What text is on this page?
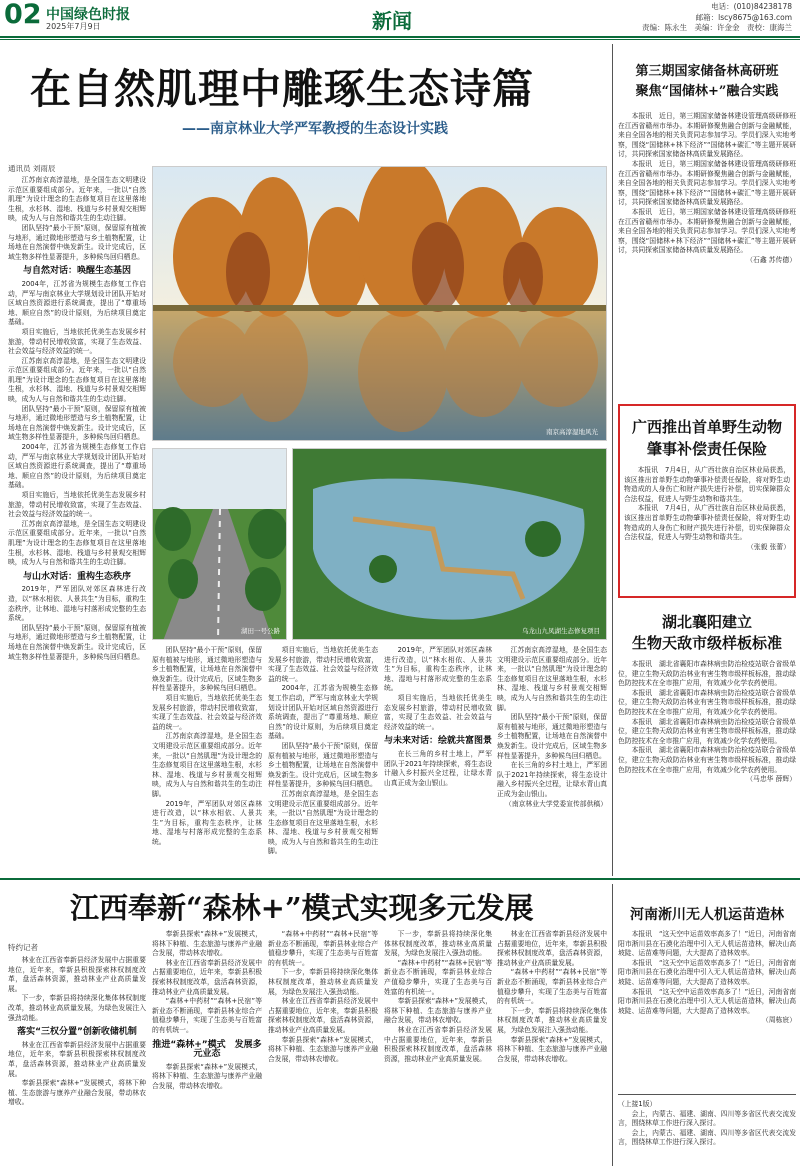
02 中国绿色时报
2025年7月9日	新闻
电话：(010)84238178
邮箱：lscy8675@163.com
责编：陈永生　美编：许金金　责校：康海兰
在自然肌理中雕琢生态诗篇
——南京林业大学严军教授的生态设计实践
通讯员 刘雨辰

江苏南京高淳湿地，是全国生态文明建设示范区重要组成部分。近年来，一批以“自然肌理”为设计理念的生态修复项目在这里落地生根，水杉林、湿地、栈道与乡村景观交相辉映，成为人与自然和谐共生的生动注脚。

团队坚持“最小干预”原则，保留原有植被与地形，通过微地形塑造与乡土植物配置，让场地在自然演替中焕发新生。设计完成后，区域生物多样性显著提升，多种候鸟回归栖息。

与自然对话：唤醒生态基因

2004年，江苏省为规模生态修复工作启动，严军与南京林业大学规划设计团队开始对区域自然资源进行系统调查，提出了“尊重场地、顺应自然”的设计原则，为后续项目奠定基础。

项目实施后，当地依托优美生态发展乡村旅游，带动村民增收致富，实现了生态效益、社会效益与经济效益的统一。

江苏南京高淳湿地，是全国生态文明建设示范区重要组成部分。近年来，一批以“自然肌理”为设计理念的生态修复项目在这里落地生根，水杉林、湿地、栈道与乡村景观交相辉映，成为人与自然和谐共生的生动注脚。

团队坚持“最小干预”原则，保留原有植被与地形，通过微地形塑造与乡土植物配置，让场地在自然演替中焕发新生。设计完成后，区域生物多样性显著提升，多种候鸟回归栖息。

2004年，江苏省为规模生态修复工作启动，严军与南京林业大学规划设计团队开始对区域自然资源进行系统调查，提出了“尊重场地、顺应自然”的设计原则，为后续项目奠定基础。

项目实施后，当地依托优美生态发展乡村旅游，带动村民增收致富，实现了生态效益、社会效益与经济效益的统一。

江苏南京高淳湿地，是全国生态文明建设示范区重要组成部分。近年来，一批以“自然肌理”为设计理念的生态修复项目在这里落地生根，水杉林、湿地、栈道与乡村景观交相辉映，成为人与自然和谐共生的生动注脚。

与山水对话：重构生态秩序

2019年，严军团队对郊区森林进行改造，以“林水相依、人景共生”为目标，重构生态秩序，让林地、湿地与村落形成完整的生态系统。

团队坚持“最小干预”原则，保留原有植被与地形，通过微地形塑造与乡土植物配置，让场地在自然演替中焕发新生。设计完成后，区域生物多样性显著提升，多种候鸟回归栖息。

南京高淳湿地风光
湖田一号公路	乌龙山九凤湖生态修复项目

团队坚持“最小干预”原则，保留原有植被与地形，通过微地形塑造与乡土植物配置，让场地在自然演替中焕发新生。设计完成后，区域生物多样性显著提升，多种候鸟回归栖息。

项目实施后，当地依托优美生态发展乡村旅游，带动村民增收致富，实现了生态效益、社会效益与经济效益的统一。

江苏南京高淳湿地，是全国生态文明建设示范区重要组成部分。近年来，一批以“自然肌理”为设计理念的生态修复项目在这里落地生根，水杉林、湿地、栈道与乡村景观交相辉映，成为人与自然和谐共生的生动注脚。

2019年，严军团队对郊区森林进行改造，以“林水相依、人景共生”为目标，重构生态秩序，让林地、湿地与村落形成完整的生态系统。

项目实施后，当地依托优美生态发展乡村旅游，带动村民增收致富，实现了生态效益、社会效益与经济效益的统一。

2004年，江苏省为规模生态修复工作启动，严军与南京林业大学规划设计团队开始对区域自然资源进行系统调查，提出了“尊重场地、顺应自然”的设计原则，为后续项目奠定基础。

团队坚持“最小干预”原则，保留原有植被与地形，通过微地形塑造与乡土植物配置，让场地在自然演替中焕发新生。设计完成后，区域生物多样性显著提升，多种候鸟回归栖息。

江苏南京高淳湿地，是全国生态文明建设示范区重要组成部分。近年来，一批以“自然肌理”为设计理念的生态修复项目在这里落地生根，水杉林、湿地、栈道与乡村景观交相辉映，成为人与自然和谐共生的生动注脚。

2019年，严军团队对郊区森林进行改造，以“林水相依、人景共生”为目标，重构生态秩序，让林地、湿地与村落形成完整的生态系统。

项目实施后，当地依托优美生态发展乡村旅游，带动村民增收致富，实现了生态效益、社会效益与经济效益的统一。

与未来对话：绘就共富图景

在长三角的乡村土地上，严军团队于2021年持续探索，将生态设计融入乡村振兴全过程，让绿水青山真正成为金山银山。

江苏南京高淳湿地，是全国生态文明建设示范区重要组成部分。近年来，一批以“自然肌理”为设计理念的生态修复项目在这里落地生根，水杉林、湿地、栈道与乡村景观交相辉映，成为人与自然和谐共生的生动注脚。

团队坚持“最小干预”原则，保留原有植被与地形，通过微地形塑造与乡土植物配置，让场地在自然演替中焕发新生。设计完成后，区域生物多样性显著提升，多种候鸟回归栖息。

在长三角的乡村土地上，严军团队于2021年持续探索，将生态设计融入乡村振兴全过程，让绿水青山真正成为金山银山。

（南京林业大学党委宣传部供稿）

第三期国家储备林高研班
聚焦“国储林+”融合实践

本报讯　近日，第三期国家储备林建设管理高级研修班在江西省赣州市举办。本期研修聚焦融合创新与金融赋能，来自全国各地的相关负责同志参加学习。学员们深入实地考察，围绕“国储林+林下经济”“国储林+碳汇”等主题开展研讨，共同探索国家储备林高质量发展路径。

本报讯　近日，第三期国家储备林建设管理高级研修班在江西省赣州市举办。本期研修聚焦融合创新与金融赋能，来自全国各地的相关负责同志参加学习。学员们深入实地考察，围绕“国储林+林下经济”“国储林+碳汇”等主题开展研讨，共同探索国家储备林高质量发展路径。

本报讯　近日，第三期国家储备林建设管理高级研修班在江西省赣州市举办。本期研修聚焦融合创新与金融赋能，来自全国各地的相关负责同志参加学习。学员们深入实地考察，围绕“国储林+林下经济”“国储林+碳汇”等主题开展研讨，共同探索国家储备林高质量发展路径。

（石鑫 苏传德）

广西推出首单野生动物
肇事补偿责任保险

本报讯　7月4日，从广西壮族自治区林业局获悉，该区推出首单野生动物肇事补偿责任保险，将对野生动物造成的人身伤亡和财产损失进行补偿，切实保障群众合法权益，促进人与野生动物和谐共生。

本报讯　7月4日，从广西壮族自治区林业局获悉，该区推出首单野生动物肇事补偿责任保险，将对野生动物造成的人身伤亡和财产损失进行补偿，切实保障群众合法权益，促进人与野生动物和谐共生。

（张毅 张蕾）

湖北襄阳建立
生物天敌市级样板标准

本报讯　湖北省襄阳市森林病虫防治检疫站联合省级单位，建立生物天敌防治林业有害生物市级样板标准，推动绿色防控技术在全市推广应用，有效减少化学农药使用。

本报讯　湖北省襄阳市森林病虫防治检疫站联合省级单位，建立生物天敌防治林业有害生物市级样板标准，推动绿色防控技术在全市推广应用，有效减少化学农药使用。

本报讯　湖北省襄阳市森林病虫防治检疫站联合省级单位，建立生物天敌防治林业有害生物市级样板标准，推动绿色防控技术在全市推广应用，有效减少化学农药使用。

本报讯　湖北省襄阳市森林病虫防治检疫站联合省级单位，建立生物天敌防治林业有害生物市级样板标准，推动绿色防控技术在全市推广应用，有效减少化学农药使用。

（马忠华 薛辉）

江西奉新“森林+”模式实现多元发展
特约记者

林业在江西省奉新县经济发展中占据重要地位，近年来，奉新县积极探索林权制度改革，盘活森林资源，推动林业产业高质量发展。

下一步，奉新县将持续深化集体林权制度改革，推动林业高质量发展，为绿色发展注入强劲动能。

落实“三权分置”创新收储机制

林业在江西省奉新县经济发展中占据重要地位，近年来，奉新县积极探索林权制度改革，盘活森林资源，推动林业产业高质量发展。

奉新县探索“森林+”发展模式，将林下种植、生态旅游与康养产业融合发展，带动林农增收。

奉新县探索“森林+”发展模式，将林下种植、生态旅游与康养产业融合发展，带动林农增收。

林业在江西省奉新县经济发展中占据重要地位，近年来，奉新县积极探索林权制度改革，盘活森林资源，推动林业产业高质量发展。

“森林+中药材”“森林+民宿”等新业态不断涌现，奉新县林业综合产值稳步攀升，实现了生态美与百姓富的有机统一。

推进“森林+”模式　发展多元业态

奉新县探索“森林+”发展模式，将林下种植、生态旅游与康养产业融合发展，带动林农增收。

“森林+中药材”“森林+民宿”等新业态不断涌现，奉新县林业综合产值稳步攀升，实现了生态美与百姓富的有机统一。

下一步，奉新县将持续深化集体林权制度改革，推动林业高质量发展，为绿色发展注入强劲动能。

林业在江西省奉新县经济发展中占据重要地位，近年来，奉新县积极探索林权制度改革，盘活森林资源，推动林业产业高质量发展。

奉新县探索“森林+”发展模式，将林下种植、生态旅游与康养产业融合发展，带动林农增收。

下一步，奉新县将持续深化集体林权制度改革，推动林业高质量发展，为绿色发展注入强劲动能。

“森林+中药材”“森林+民宿”等新业态不断涌现，奉新县林业综合产值稳步攀升，实现了生态美与百姓富的有机统一。

奉新县探索“森林+”发展模式，将林下种植、生态旅游与康养产业融合发展，带动林农增收。

林业在江西省奉新县经济发展中占据重要地位，近年来，奉新县积极探索林权制度改革，盘活森林资源，推动林业产业高质量发展。

林业在江西省奉新县经济发展中占据重要地位，近年来，奉新县积极探索林权制度改革，盘活森林资源，推动林业产业高质量发展。

“森林+中药材”“森林+民宿”等新业态不断涌现，奉新县林业综合产值稳步攀升，实现了生态美与百姓富的有机统一。

下一步，奉新县将持续深化集体林权制度改革，推动林业高质量发展，为绿色发展注入强劲动能。

奉新县探索“森林+”发展模式，将林下种植、生态旅游与康养产业融合发展，带动林农增收。

河南淅川无人机运苗造林

本报讯　“这天空中运苗效率高多了！”近日，河南省南阳市淅川县在石漠化治理中引入无人机运苗造林，解决山高坡陡、运苗难等问题，大大提高了造林效率。

本报讯　“这天空中运苗效率高多了！”近日，河南省南阳市淅川县在石漠化治理中引入无人机运苗造林，解决山高坡陡、运苗难等问题，大大提高了造林效率。

本报讯　“这天空中运苗效率高多了！”近日，河南省南阳市淅川县在石漠化治理中引入无人机运苗造林，解决山高坡陡、运苗难等问题，大大提高了造林效率。

（周栋宸）

（上接1版）

会上，内蒙古、福建、湖南、四川等多省区代表交流发言，围绕林草工作进行深入探讨。

会上，内蒙古、福建、湖南、四川等多省区代表交流发言，围绕林草工作进行深入探讨。
